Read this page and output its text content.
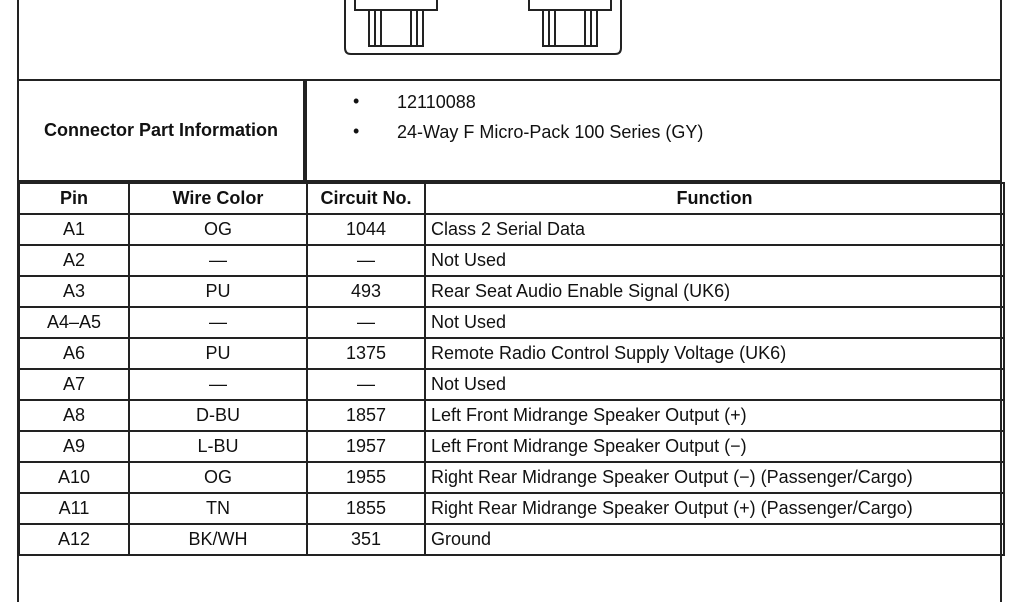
Connector Part Information
• 12110088
• 24-Way F Micro-Pack 100 Series (GY)
Pin	Wire Color	Circuit No.	Function
A1	OG	1044	Class 2 Serial Data
A2	—	—	Not Used
A3	PU	493	Rear Seat Audio Enable Signal (UK6)
A4–A5	—	—	Not Used
A6	PU	1375	Remote Radio Control Supply Voltage (UK6)
A7	—	—	Not Used
A8	D-BU	1857	Left Front Midrange Speaker Output (+)
A9	L-BU	1957	Left Front Midrange Speaker Output (−)
A10	OG	1955	Right Rear Midrange Speaker Output (−) (Passenger/Cargo)
A11	TN	1855	Right Rear Midrange Speaker Output (+) (Passenger/Cargo)
A12	BK/WH	351	Ground
